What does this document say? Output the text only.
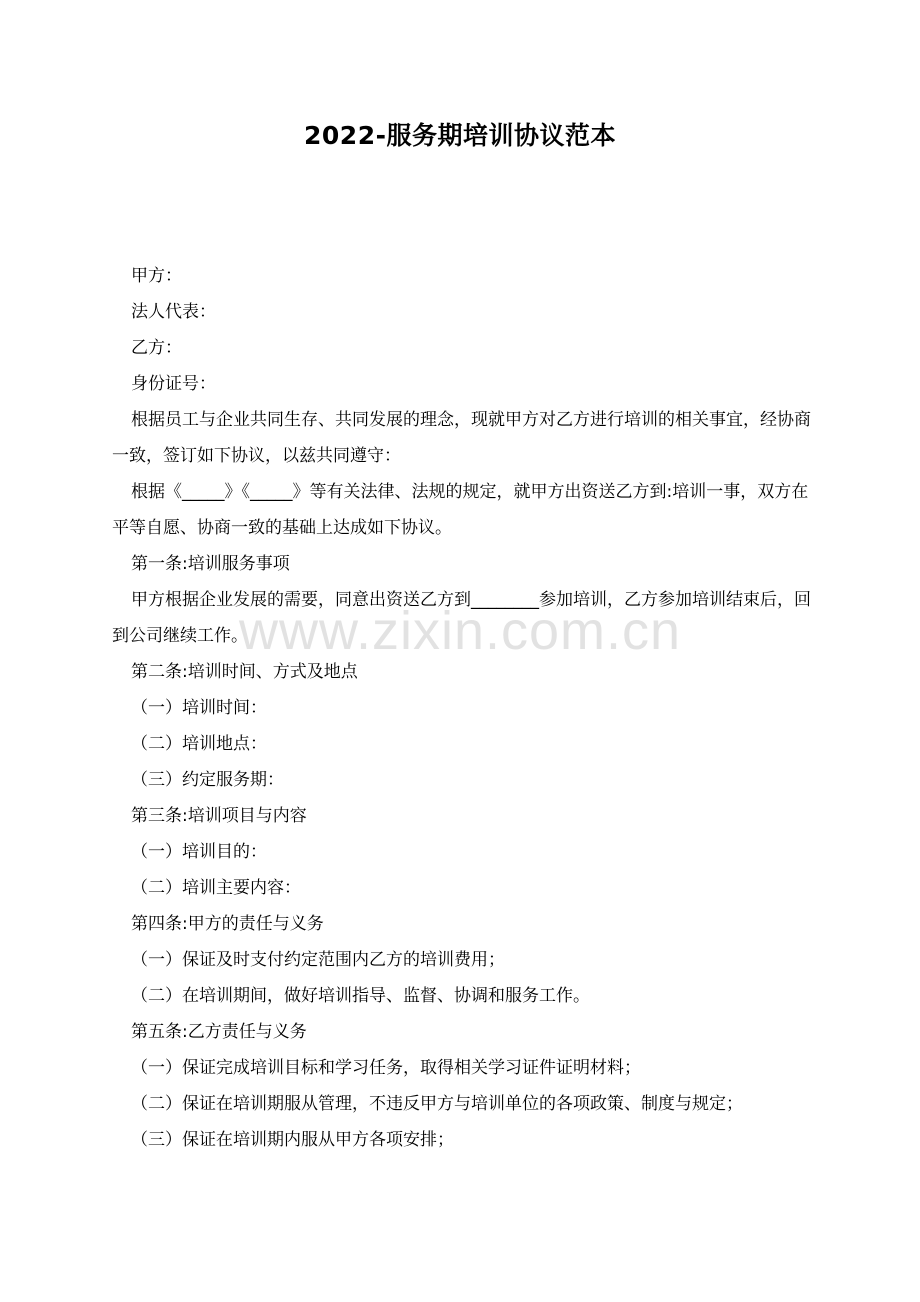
2022-服务期培训协议范本

甲方：

法人代表：

乙方：

身份证号：

根据员工与企业共同生存、共同发展的理念，现就甲方对乙方进行培训的相关事宜，经协商一致，签订如下协议，以兹共同遵守：

根据《_____》《_____》等有关法律、法规的规定，就甲方出资送乙方到:培训一事，双方在平等自愿、协商一致的基础上达成如下协议。

第一条:培训服务事项

甲方根据企业发展的需要，同意出资送乙方到________参加培训，乙方参加培训结束后，回到公司继续工作。

第二条:培训时间、方式及地点

（一）培训时间：

（二）培训地点：

（三）约定服务期：

第三条:培训项目与内容

（一）培训目的：

（二）培训主要内容：

第四条:甲方的责任与义务

（一）保证及时支付约定范围内乙方的培训费用；

（二）在培训期间，做好培训指导、监督、协调和服务工作。

第五条:乙方责任与义务

（一）保证完成培训目标和学习任务，取得相关学习证件证明材料；

（二）保证在培训期服从管理，不违反甲方与培训单位的各项政策、制度与规定；

（三）保证在培训期内服从甲方各项安排；

www.zixin.com.cn
